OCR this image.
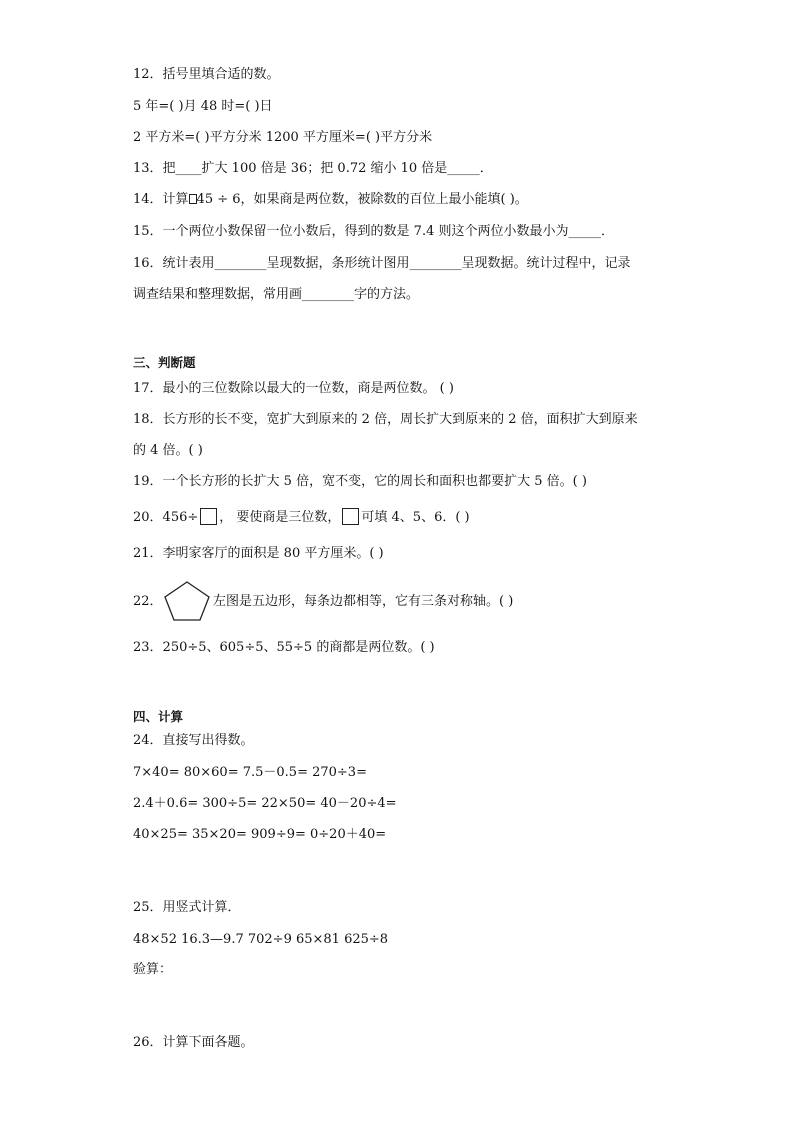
12．括号里填合适的数。
5 年=( )月 48 时=( )日
2 平方米=( )平方分米 1200 平方厘米=( )平方分米
13．把____扩大 100 倍是 36；把 0.72 缩小 10 倍是_____．
14．计算 45 ÷ 6，如果商是两位数，被除数的百位上最小能填( )。
15．一个两位小数保留一位小数后，得到的数是 7.4 则这个两位小数最小为_____．
16．统计表用________呈现数据，条形统计图用________呈现数据。统计过程中，记录
调查结果和整理数据，常用画________字的方法。
三、判断题
17．最小的三位数除以最大的一位数，商是两位数。 ( )
18．长方形的长不变，宽扩大到原来的 2 倍，周长扩大到原来的 2 倍，面积扩大到原来
的 4 倍。( )
19．一个长方形的长扩大 5 倍，宽不变，它的周长和面积也都要扩大 5 倍。( )
20．456÷ ， 要使商是三位数， 可填 4、5、6．( )
21．李明家客厅的面积是 80 平方厘米。( )
22．	左图是五边形，每条边都相等，它有三条对称轴。( )
23．250÷5、605÷5、55÷5 的商都是两位数。( )
四、计算
24．直接写出得数。
7×40= 80×60= 7.5－0.5= 270÷3=
2.4＋0.6= 300÷5= 22×50= 40－20÷4=
40×25= 35×20= 909÷9= 0÷20＋40=
25．用竖式计算．
48×52 16.3—9.7 702÷9 65×81 625÷8
验算：
26．计算下面各题。
